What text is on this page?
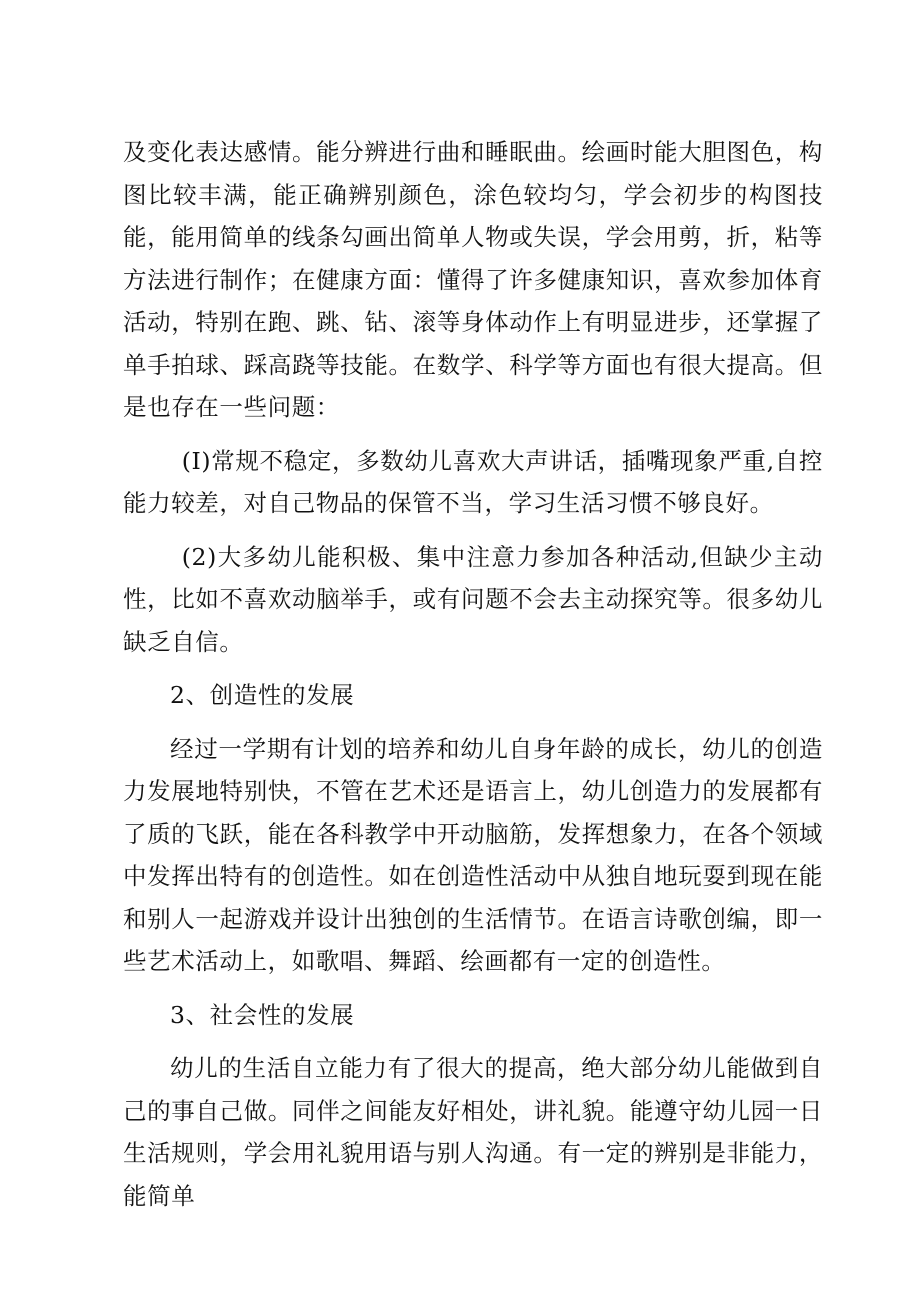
及变化表达感情。能分辨进行曲和睡眠曲。绘画时能大胆图色，构图比较丰满，能正确辨别颜色，涂色较均匀，学会初步的构图技能，能用简单的线条勾画出简单人物或失误，学会用剪，折，粘等方法进行制作；在健康方面：懂得了许多健康知识，喜欢参加体育活动，特别在跑、跳、钻、滚等身体动作上有明显进步，还掌握了单手拍球、踩高跷等技能。在数学、科学等方面也有很大提高。但是也存在一些问题：

(I)常规不稳定，多数幼儿喜欢大声讲话，插嘴现象严重,自控能力较差，对自己物品的保管不当，学习生活习惯不够良好。

(2)大多幼儿能积极、集中注意力参加各种活动,但缺少主动性，比如不喜欢动脑举手，或有问题不会去主动探究等。很多幼儿缺乏自信。

2、创造性的发展

经过一学期有计划的培养和幼儿自身年龄的成长，幼儿的创造力发展地特别快，不管在艺术还是语言上，幼儿创造力的发展都有了质的飞跃，能在各科教学中开动脑筋，发挥想象力，在各个领域中发挥出特有的创造性。如在创造性活动中从独自地玩耍到现在能和别人一起游戏并设计出独创的生活情节。在语言诗歌创编，即一些艺术活动上，如歌唱、舞蹈、绘画都有一定的创造性。

3、社会性的发展

幼儿的生活自立能力有了很大的提高，绝大部分幼儿能做到自己的事自己做。同伴之间能友好相处，讲礼貌。能遵守幼儿园一日生活规则，学会用礼貌用语与别人沟通。有一定的辨别是非能力，能简单
